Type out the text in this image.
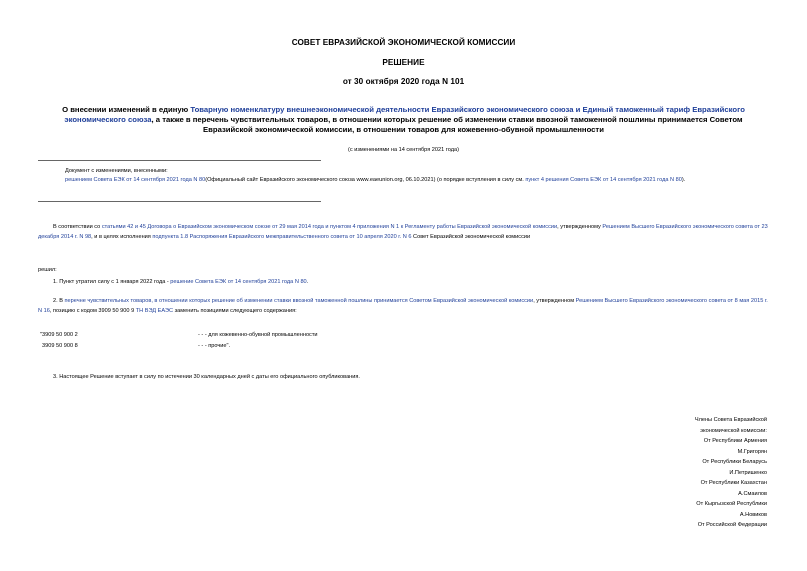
СОВЕТ ЕВРАЗИЙСКОЙ ЭКОНОМИЧЕСКОЙ КОМИССИИ
РЕШЕНИЕ
от 30 октября 2020 года N 101
О внесении изменений в единую Товарную номенклатуру внешнеэкономической деятельности Евразийского экономического союза и Единый таможенный тариф Евразийского экономического союза, а также в перечень чувствительных товаров, в отношении которых решение об изменении ставки ввозной таможенной пошлины принимается Советом Евразийской экономической комиссии, в отношении товаров для кожевенно-обувной промышленности
(с изменениями на 14 сентября 2021 года)
Документ с изменениями, внесенными:
решением Совета ЕЭК от 14 сентября 2021 года N 80(Официальный сайт Евразийского экономического союза www.eaeunion.org, 06.10.2021) (о порядке вступления в силу см. пункт 4 решения Совета ЕЭК от 14 сентября 2021 года N 80).
В соответствии со статьями 42 и 45 Договора о Евразийском экономическом союзе от 29 мая 2014 года и пунктом 4 приложения N 1 к Регламенту работы Евразийской экономической комиссии, утвержденному Решением Высшего Евразийского экономического совета от 23 декабря 2014 г. N 98, и в целях исполнения подпункта 1.8 Распоряжения Евразийского межправительственного совета от 10 апреля 2020 г. N 6 Совет Евразийской экономической комиссии
решил:
1. Пункт утратил силу с 1 января 2022 года - решение Совета ЕЭК от 14 сентября 2021 года N 80.
2. В перечне чувствительных товаров, в отношении которых решение об изменении ставки ввозной таможенной пошлины принимается Советом Евразийской экономической комиссии, утвержденном Решением Высшего Евразийского экономического совета от 8 мая 2015 г. N 16, позицию с кодом 3909 50 900 9 ТН ВЭД ЕАЭС заменить позициями следующего содержания:
"3909 50 900 2	- - - для кожевенно-обувной промышленности
3909 50 900 8	- - - прочие".
3. Настоящее Решение вступает в силу по истечении 30 календарных дней с даты его официального опубликования.
Члены Совета Евразийской
экономической комиссии:
От Республики Армения
М.Григорян
От Республики Беларусь
И.Петришенко
От Республики Казахстан
А.Смаилов
От Кыргызской Республики
А.Новиков
От Российской Федерации
